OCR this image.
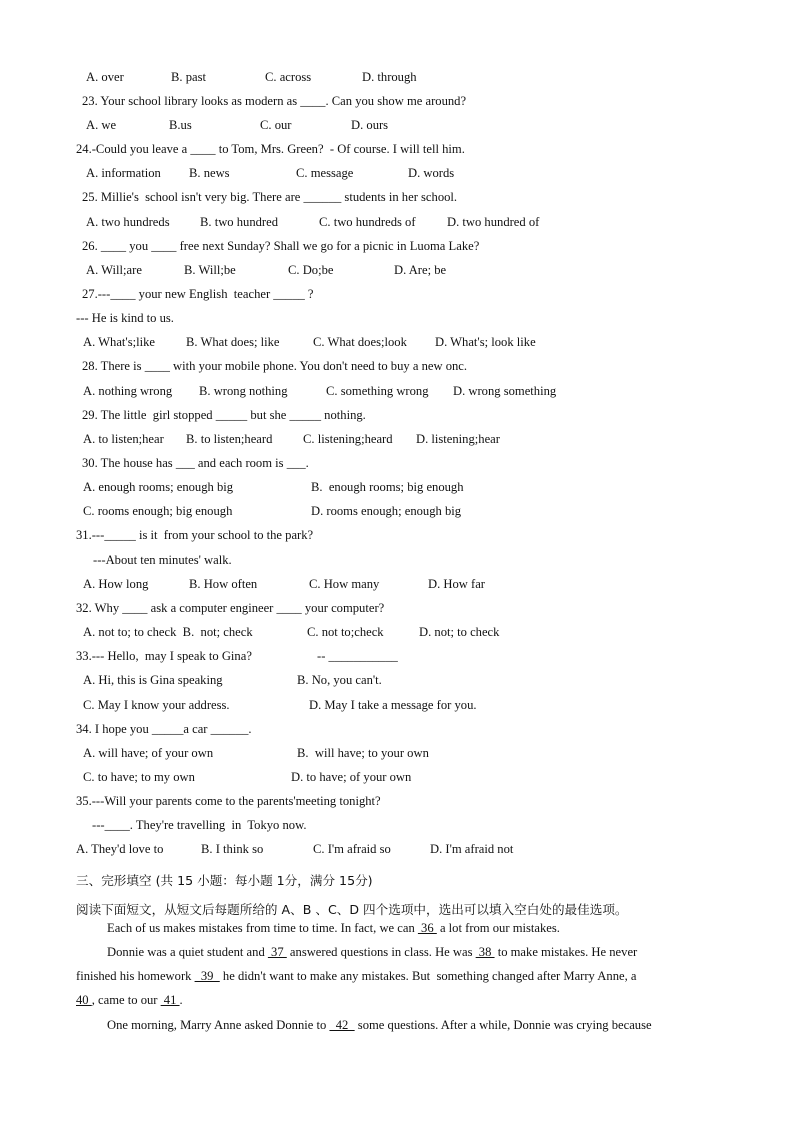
A. over	B. past	C. across	D. through
23. Your school library looks as modern as ____. Can you show me around?
A. we	B.us	C. our	D. ours
24.-Could you leave a ____ to Tom, Mrs. Green?  - Of course. I will tell him.
A. information B. news	C. message	D. words
25. Millie's  school isn't very big. There are ______ students in her school.
A. two hundreds B. two hundred	C. two hundreds of D. two hundred of
26. ____ you ____ free next Sunday? Shall we go for a picnic in Luoma Lake?
A. Will;are	B. Will;be	C. Do;be	D. Are; be
27.---____ your new English  teacher _____ ?
--- He is kind to us.
A. What's;like B. What does; like	C. What does;look D. What's; look like
28. There is ____ with your mobile phone. You don't need to buy a new onc.
A. nothing wrong B. wrong nothing	C. something wrong D. wrong something
29. The little  girl stopped _____ but she _____ nothing.
A. to listen;hear B. to listen;heard C. listening;heard D. listening;hear
30. The house has ___ and each room is ___.
A. enough rooms; enough big	B.  enough rooms; big enough
C. rooms enough; big enough	D. rooms enough; enough big
31.---_____ is it  from your school to the park?
---About ten minutes' walk.
A. How long	B. How often	C. How many	D. How far
32. Why ____ ask a computer engineer ____ your computer?
A. not to; to check  B.  not; check	C. not to;check	D. not; to check
33.--- Hello,  may I speak to Gina?	-- ___________
A. Hi, this is Gina speaking	B. No, you can't.
C. May I know your address.	D. May I take a message for you.
34. I hope you _____a car ______.
A. will have; of your own	B.  will have; to your own
C. to have; to my own	D. to have; of your own
35.---Will your parents come to the parents'meeting tonight?
---____. They're travelling  in  Tokyo now.
A. They'd love to	B. I think so	C. I'm afraid so	D. I'm afraid not
三、完形填空 (共 15 小题：每小题 1分，满分 15分)
阅读下面短文，从短文后每题所给的 A、B 、C、D 四个选项中，选出可以填入空白处的最佳选项。
Each of us makes mistakes from time to time. In fact, we can  36  a lot from our mistakes.
Donnie was a quiet student and  37  answered questions in class. He was  38  to make mistakes. He never
finished his homework   39   he didn't want to make any mistakes. But  something changed after Marry Anne, a
40 , came to our  41 .
One morning, Marry Anne asked Donnie to   42   some questions. After a while, Donnie was crying because
